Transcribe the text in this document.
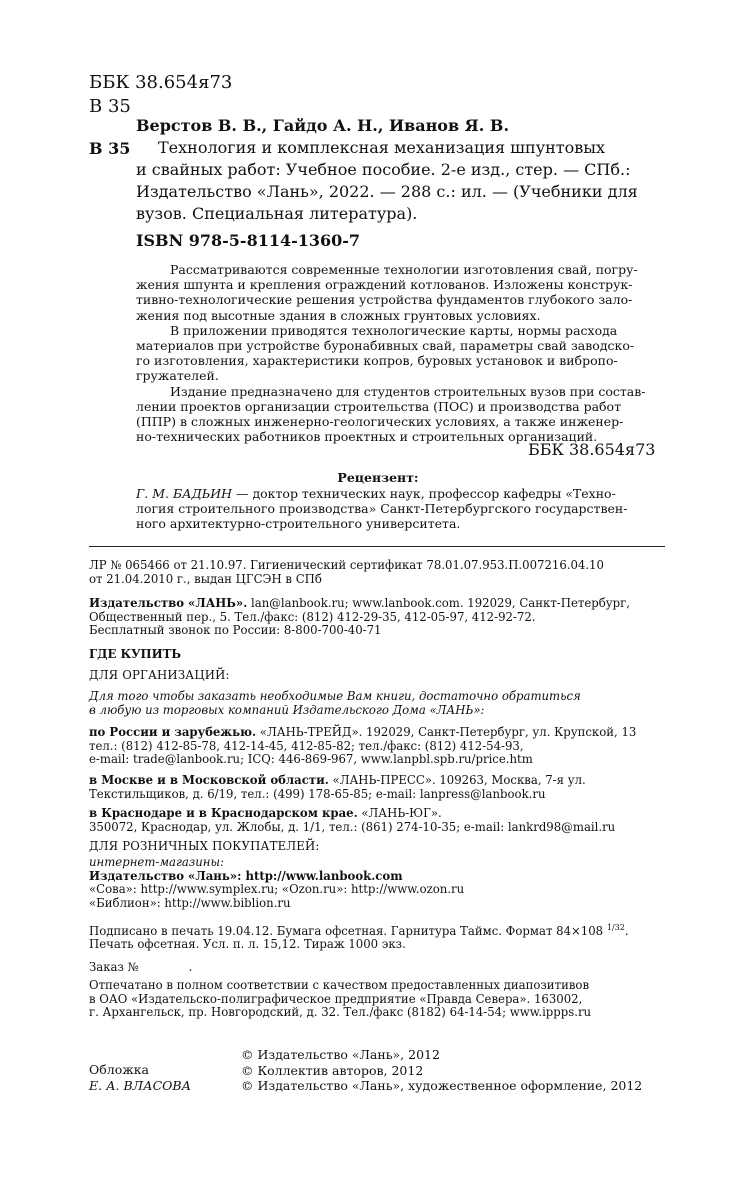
ББК 38.654я73
В 35
Верстов В. В., Гайдо А. Н., Иванов Я. В.
В 35	Технология и комплексная механизация шпунтовых
и свайных работ: Учебное пособие. 2-е изд., стер. — СПб.:
Издательство «Лань», 2022. — 288 с.: ил. — (Учебники для
вузов. Специальная литература).
ISBN 978-5-8114-1360-7
Рассматриваются современные технологии изготовления свай, погру-
жения шпунта и крепления ограждений котлованов. Изложены конструк-
тивно-технологические решения устройства фундаментов глубокого зало-
жения под высотные здания в сложных грунтовых условиях.
В приложении приводятся технологические карты, нормы расхода
материалов при устройстве буронабивных свай, параметры свай заводско-
го изготовления, характеристики копров, буровых установок и вибропо-
гружателей.
Издание предназначено для студентов строительных вузов при состав-
лении проектов организации строительства (ПОС) и производства работ
(ППР) в сложных инженерно-геологических условиях, а также инженер-
но-технических работников проектных и строительных организаций.
ББК 38.654я73
Рецензент:
Г. М. БАДЬИН — доктор технических наук, профессор кафедры «Техно-
логия строительного производства» Санкт-Петербургского государствен-
ного архитектурно-строительного университета.
ЛР № 065466 от 21.10.97. Гигиенический сертификат 78.01.07.953.П.007216.04.10
от 21.04.2010 г., выдан ЦГСЭН в СПб
Издательство «ЛАНЬ». lan@lanbook.ru; www.lanbook.com. 192029, Санкт-Петербург,
Общественный пер., 5. Тел./факс: (812) 412-29-35, 412-05-97, 412-92-72.
Бесплатный звонок по России: 8-800-700-40-71
ГДЕ КУПИТЬ
ДЛЯ ОРГАНИЗАЦИЙ:
Для того чтобы заказать необходимые Вам книги, достаточно обратиться
в любую из торговых компаний Издательского Дома «ЛАНЬ»:
по России и зарубежью. «ЛАНЬ-ТРЕЙД». 192029, Санкт-Петербург, ул. Крупской, 13
тел.: (812) 412-85-78, 412-14-45, 412-85-82; тел./факс: (812) 412-54-93,
e-mail: trade@lanbook.ru; ICQ: 446-869-967, www.lanpbl.spb.ru/price.htm
в Москве и в Московской области. «ЛАНЬ-ПРЕСС». 109263, Москва, 7-я ул.
Текстильщиков, д. 6/19, тел.: (499) 178-65-85; e-mail: lanpress@lanbook.ru
в Краснодаре и в Краснодарском крае. «ЛАНЬ-ЮГ».
350072, Краснодар, ул. Жлобы, д. 1/1, тел.: (861) 274-10-35; e-mail: lankrd98@mail.ru
ДЛЯ РОЗНИЧНЫХ ПОКУПАТЕЛЕЙ:
интернет-магазины:
Издательство «Лань»: http://www.lanbook.com
«Сова»: http://www.symplex.ru; «Ozon.ru»: http://www.ozon.ru
«Библион»: http://www.biblion.ru
Подписано в печать 19.04.12. Бумага офсетная. Гарнитура Таймс. Формат 84×108 $^{1/32}$.
Печать офсетная. Усл. п. л. 15,12. Тираж 1000 экз.
Заказ №	.
Отпечатано в полном соответствии с качеством предоставленных диапозитивов
в ОАО «Издательско-полиграфическое предприятие «Правда Севера». 163002,
г. Архангельск, пр. Новгородский, д. 32. Тел./факс (8182) 64-14-54; www.ippps.ru
© Издательство «Лань», 2012
© Коллектив авторов, 2012
© Издательство «Лань», художественное оформление, 2012
Обложка
Е. А. ВЛАСОВА
